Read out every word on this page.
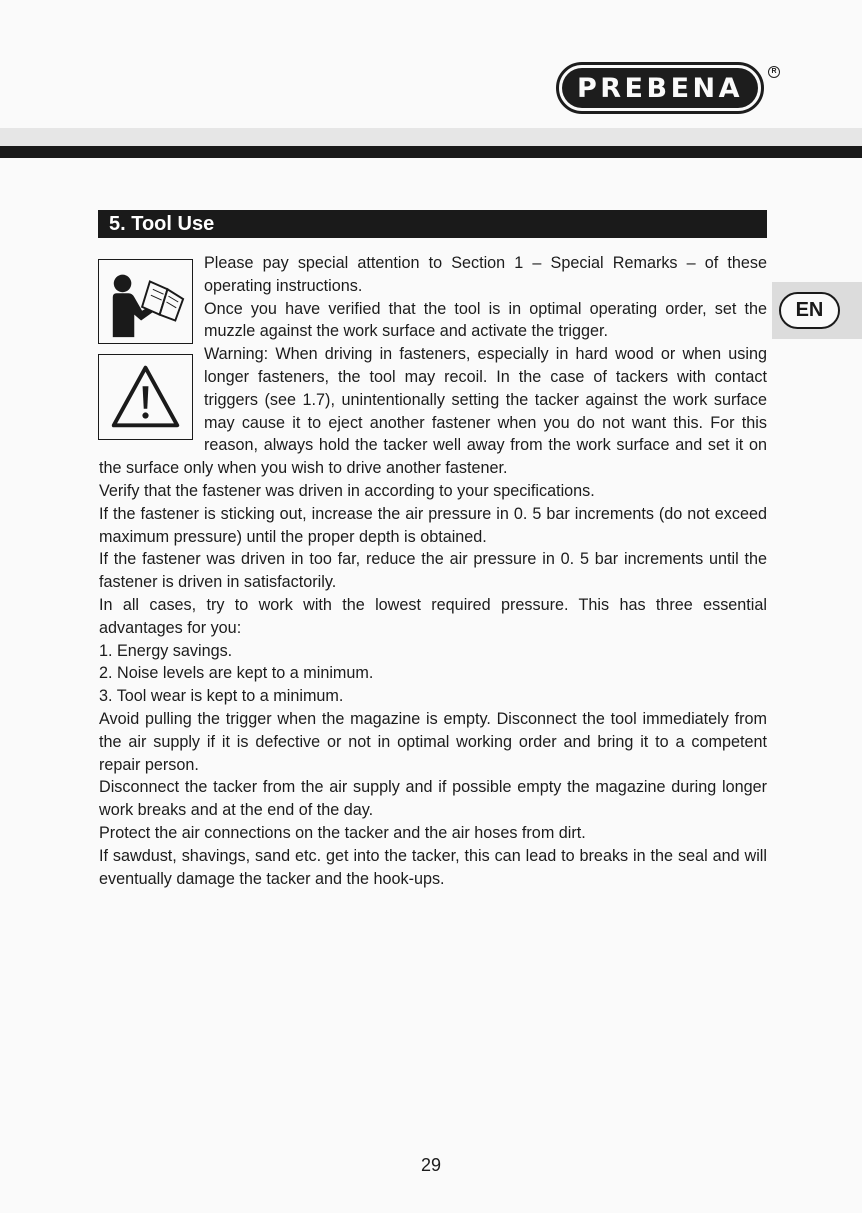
PREBENA
R
5. Tool Use
EN

Please pay special attention to Section 1 – Special Remarks – of these operating instructions.

Once you have verified that the tool is in optimal operating order, set the muzzle against the work surface and activate the trigger.

Warning: When driving in fasteners, especially in hard wood or when using longer fasteners, the tool may recoil. In the case of tackers with contact triggers (see 1.7), unintentionally setting the tacker against the work surface may cause it to eject another fastener when you do not want this. For this reason, always hold the tacker well away from the work surface and set it on the surface only when you wish to drive another fastener.

Verify that the fastener was driven in according to your specifications.

If the fastener is sticking out, increase the air pressure in 0. 5 bar increments (do not exceed maximum pressure) until the proper depth is obtained.

If the fastener was driven in too far, reduce the air pressure in 0. 5 bar increments until the fastener is driven in satisfactorily.

In all cases, try to work with the lowest required pressure. This has three essential advantages for you:

1. Energy savings.

2. Noise levels are kept to a minimum.

3. Tool wear is kept to a minimum.

Avoid pulling the trigger when the magazine is empty. Disconnect the tool immediately from the air supply if it is defective or not in optimal working order and bring it to a competent repair person.

Disconnect the tacker from the air supply and if possible empty the magazine during longer work breaks and at the end of the day.

Protect the air connections on the tacker and the air hoses from dirt.

If sawdust, shavings, sand etc. get into the tacker, this can lead to breaks in the seal and will eventually damage the tacker and the hook-ups.

29
